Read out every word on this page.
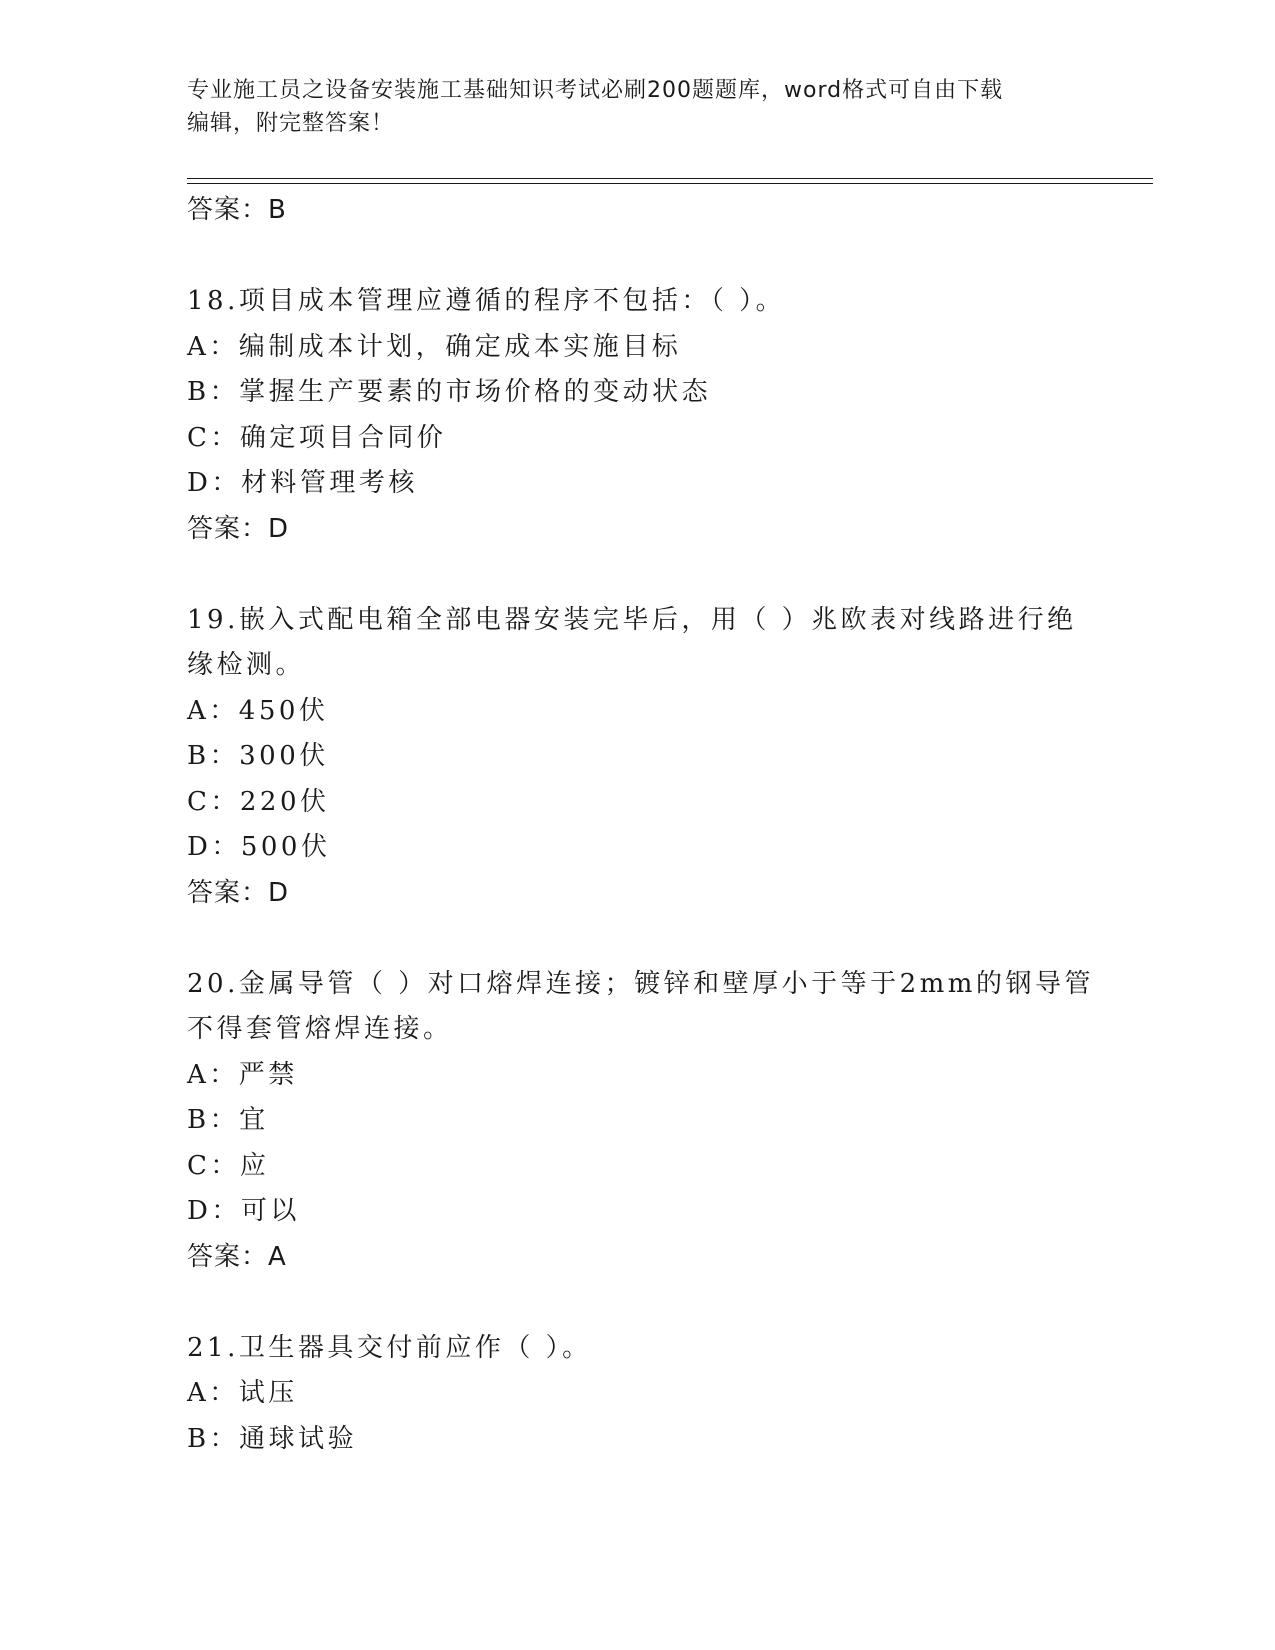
专业施工员之设备安装施工基础知识考试必刷200题题库，word格式可自由下载
编辑，附完整答案！
答案：B
18.项目成本管理应遵循的程序不包括：（ ）。
A：编制成本计划，确定成本实施目标
B：掌握生产要素的市场价格的变动状态
C：确定项目合同价
D：材料管理考核
答案：D
19.嵌入式配电箱全部电器安装完毕后，用（ ）兆欧表对线路进行绝
缘检测。
A：450伏
B：300伏
C：220伏
D：500伏
答案：D
20.金属导管（ ）对口熔焊连接；镀锌和壁厚小于等于2mm的钢导管
不得套管熔焊连接。
A：严禁
B：宜
C：应
D：可以
答案：A
21.卫生器具交付前应作（ ）。
A：试压
B：通球试验
